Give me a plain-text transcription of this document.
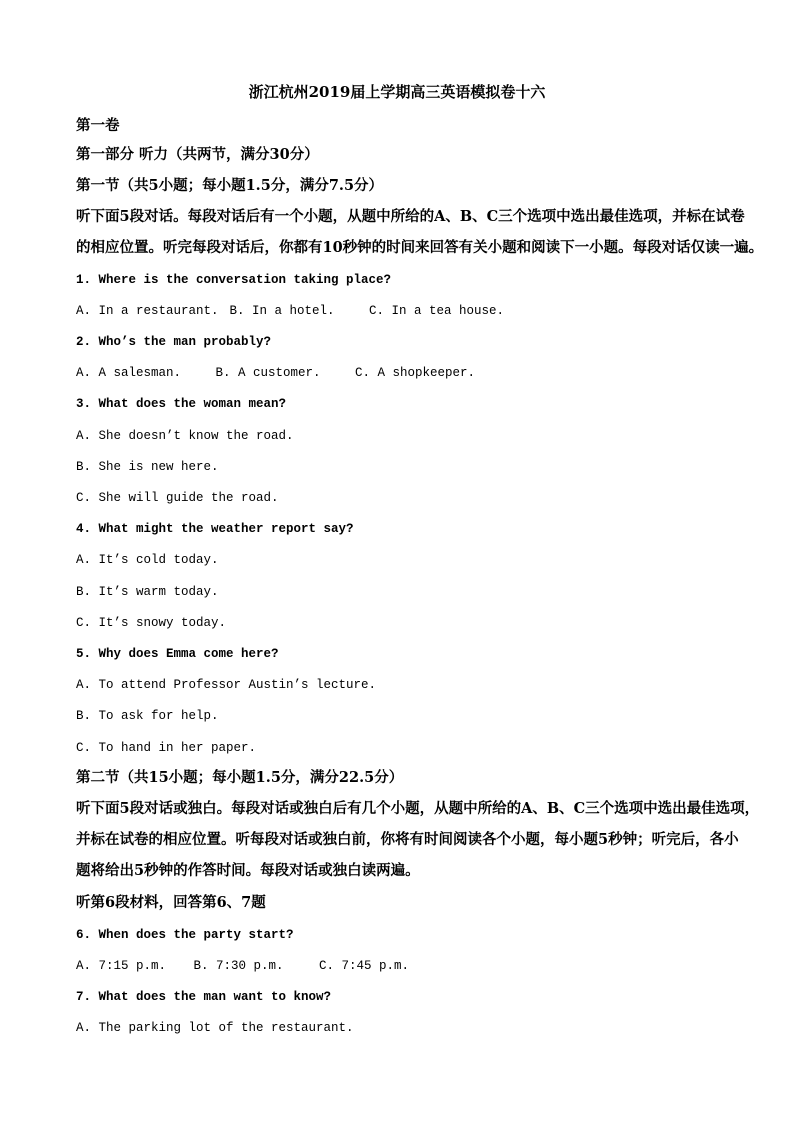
浙江杭州2019届上学期高三英语模拟卷十六
第一卷
第一部分 听力（共两节，满分30分）
第一节（共5小题；每小题1.5分，满分7.5分）
听下面5段对话。每段对话后有一个小题，从题中所给的A、B、C三个选项中选出最佳选项，并标在试卷
的相应位置。听完每段对话后，你都有10秒钟的时间来回答有关小题和阅读下一小题。每段对话仅读一遍。
1. Where is the conversation taking place?
A. In a restaurant. B. In a hotel.	C. In a tea house.
2. Who’s the man probably?
A. A salesman.	B. A customer.	C. A shopkeeper.
3. What does the woman mean?
A. She doesn’t know the road.
B. She is new here.
C. She will guide the road.
4. What might the weather report say?
A. It’s cold today.
B. It’s warm today.
C. It’s snowy today.
5. Why does Emma come here?
A. To attend Professor Austin’s lecture.
B. To ask for help.
C. To hand in her paper.
第二节（共15小题；每小题1.5分，满分22.5分）
听下面5段对话或独白。每段对话或独白后有几个小题，从题中所给的A、B、C三个选项中选出最佳选项，
并标在试卷的相应位置。听每段对话或独白前，你将有时间阅读各个小题，每小题5秒钟；听完后，各小
题将给出5秒钟的作答时间。每段对话或独白读两遍。
听第6段材料，回答第6、7题
6. When does the party start?
A. 7:15 p.m. B. 7:30 p.m.	C. 7:45 p.m.
7. What does the man want to know?
A. The parking lot of the restaurant.
